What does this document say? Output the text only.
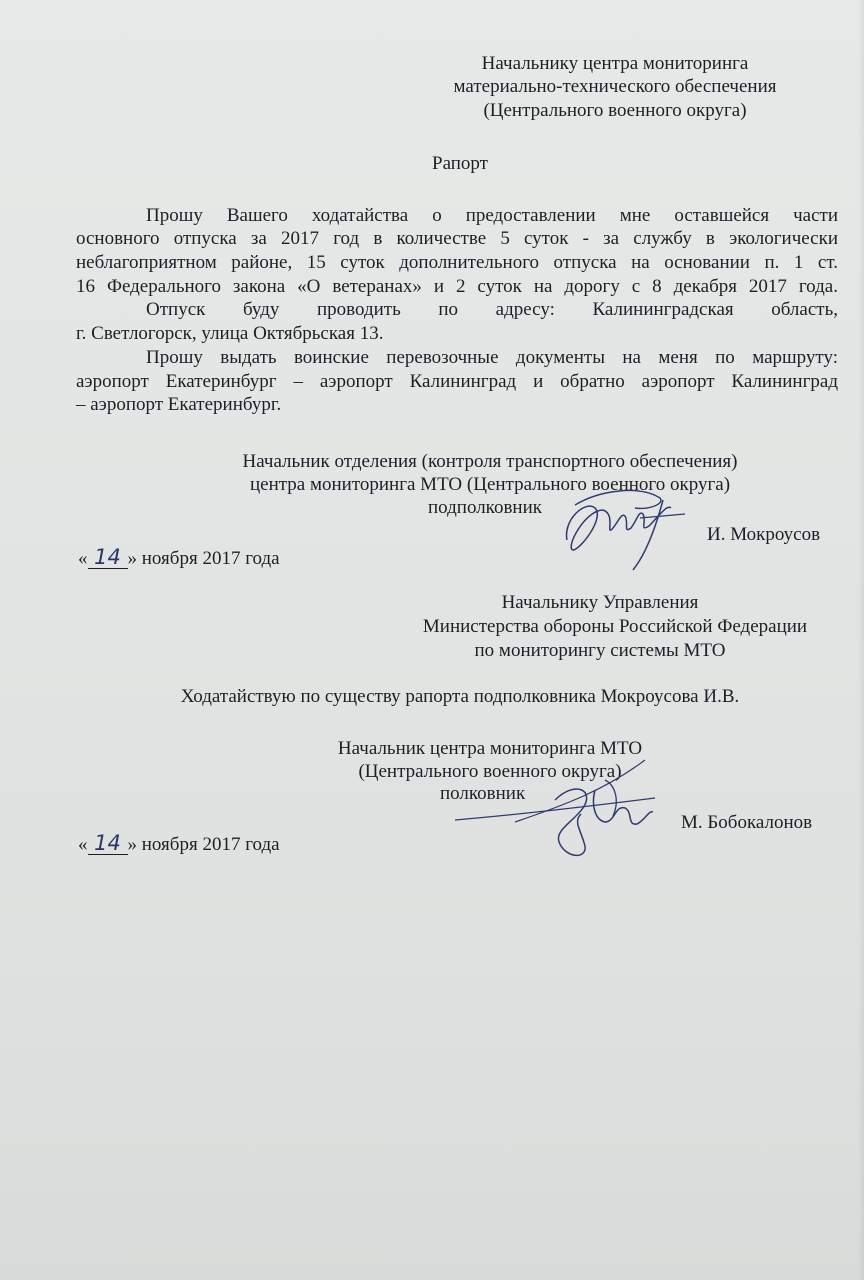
Начальнику центра мониторинга
материально-технического обеспечения
(Центрального военного округа)
Рапорт
Прошу Вашего ходатайства о предоставлении мне оставшейся части
основного отпуска за 2017 год в количестве 5 суток - за службу в экологически
неблагоприятном районе, 15 суток дополнительного отпуска на основании п. 1 ст.
16 Федерального закона «О ветеранах» и 2 суток на дорогу с 8 декабря 2017 года.
Отпуск буду проводить по адресу: Калининградская область,
г. Светлогорск, улица Октябрьская 13.
Прошу выдать воинские перевозочные документы на меня по маршруту:
аэропорт Екатеринбург – аэропорт Калининград и обратно аэропорт Калининград
– аэропорт Екатеринбург.
Начальник отделения (контроля транспортного обеспечения)
центра мониторинга МТО (Центрального военного округа)
подполковник
И. Мокроусов
« 14 » ноября 2017 года
Начальнику Управления
Министерства обороны Российской Федерации
по мониторингу системы МТО
Ходатайствую по существу рапорта подполковника Мокроусова И.В.
Начальник центра мониторинга МТО
(Центрального военного округа)
полковник
М. Бобокалонов
« 14 » ноября 2017 года
